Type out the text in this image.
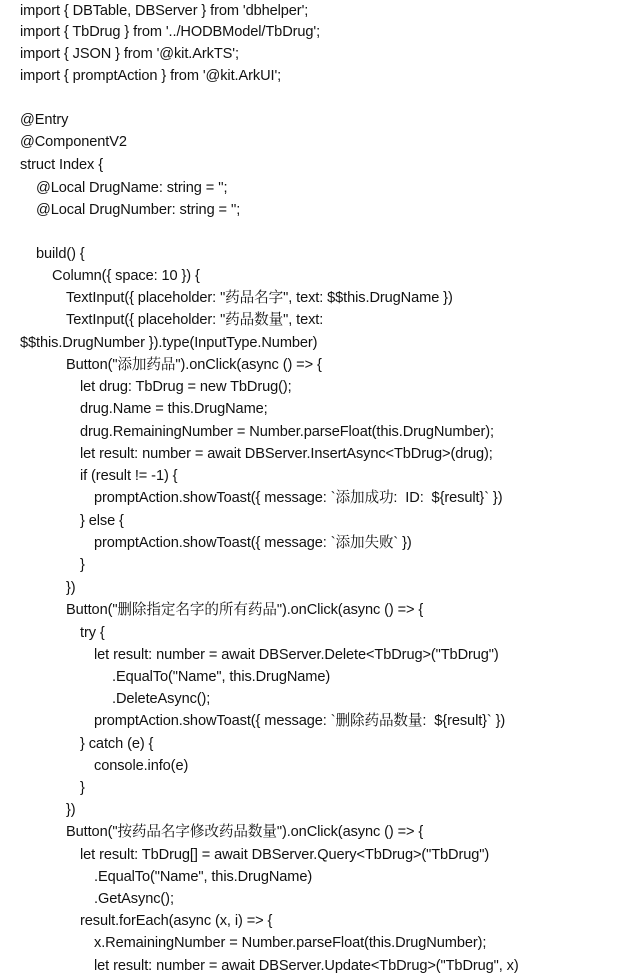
import { DBTable, DBServer } from 'dbhelper';
import { TbDrug } from '../HODBModel/TbDrug';
import { JSON } from '@kit.ArkTS';
import { promptAction } from '@kit.ArkUI';
@Entry
@ComponentV2
struct Index {
@Local DrugName: string = '';
@Local DrugNumber: string = '';
build() {
Column({ space: 10 }) {
TextInput({ placeholder: "药品名字", text: $$this.DrugName })
TextInput({ placeholder: "药品数量", text:
$$this.DrugNumber }).type(InputType.Number)
Button("添加药品").onClick(async () => {
let drug: TbDrug = new TbDrug();
drug.Name = this.DrugName;
drug.RemainingNumber = Number.parseFloat(this.DrugNumber);
let result: number = await DBServer.InsertAsync<TbDrug>(drug);
if (result != -1) {
promptAction.showToast({ message: `添加成功:  ID:  ${result}` })
} else {
promptAction.showToast({ message: `添加失败` })
}
})
Button("删除指定名字的所有药品").onClick(async () => {
try {
let result: number = await DBServer.Delete<TbDrug>("TbDrug")
.EqualTo("Name", this.DrugName)
.DeleteAsync();
promptAction.showToast({ message: `删除药品数量:  ${result}` })
} catch (e) {
console.info(e)
}
})
Button("按药品名字修改药品数量").onClick(async () => {
let result: TbDrug[] = await DBServer.Query<TbDrug>("TbDrug")
.EqualTo("Name", this.DrugName)
.GetAsync();
result.forEach(async (x, i) => {
x.RemainingNumber = Number.parseFloat(this.DrugNumber);
let result: number = await DBServer.Update<TbDrug>("TbDrug", x)
